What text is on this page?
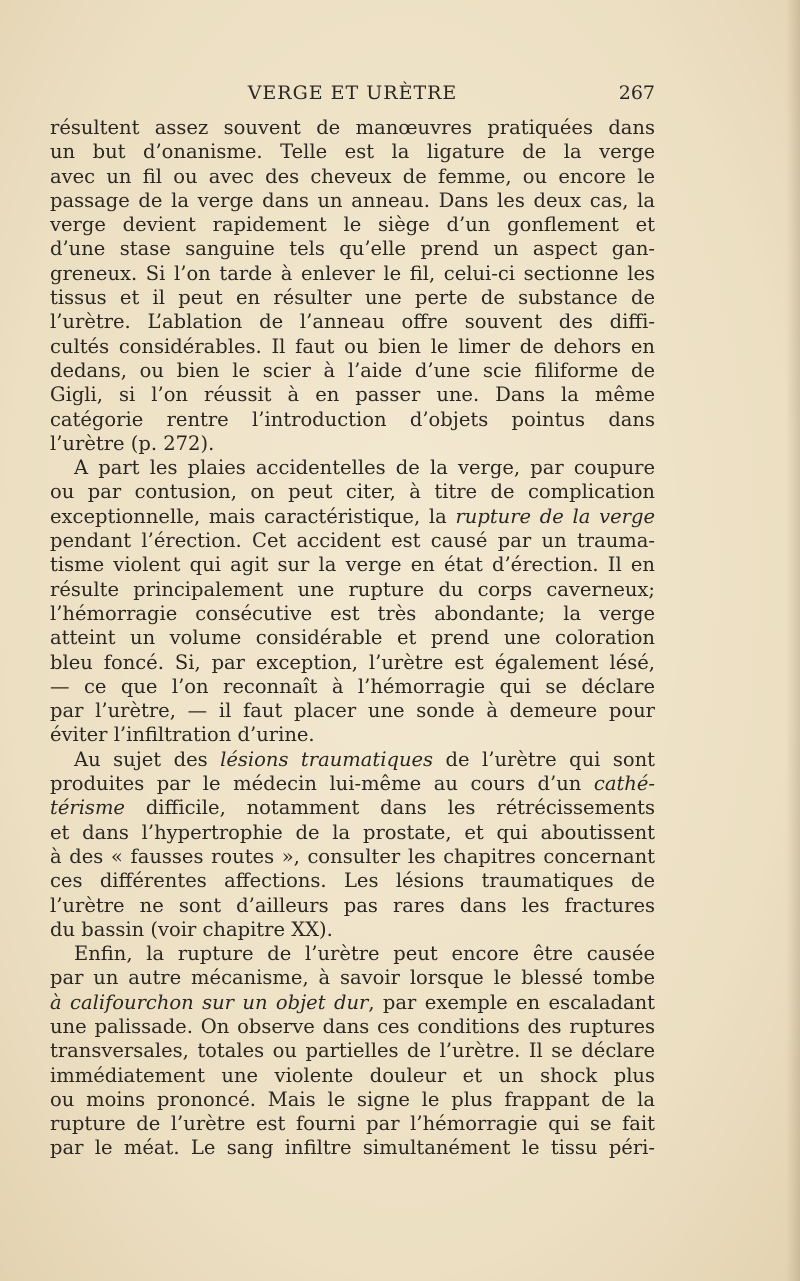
VERGE ET URÈTRE	267
résultent assez souvent de manœuvres pratiquées dans
un but d’onanisme. Telle est la ligature de la verge
avec un fil ou avec des cheveux de femme, ou encore le
passage de la verge dans un anneau. Dans les deux cas, la
verge devient rapidement le siège d’un gonflement et
d’une stase sanguine tels qu’elle prend un aspect gan-
greneux. Si l’on tarde à enlever le fil, celui-ci sectionne les
tissus et il peut en résulter une perte de substance de
l’urètre. L’ablation de l’anneau offre souvent des diffi-
cultés considérables. Il faut ou bien le limer de dehors en
dedans, ou bien le scier à l’aide d’une scie filiforme de
Gigli, si l’on réussit à en passer une. Dans la même
catégorie rentre l’introduction d’objets pointus dans
l’urètre (p. 272).
A part les plaies accidentelles de la verge, par coupure
ou par contusion, on peut citer, à titre de complication
exceptionnelle, mais caractéristique, la rupture de la verge
pendant l’érection. Cet accident est causé par un trauma-
tisme violent qui agit sur la verge en état d’érection. Il en
résulte principalement une rupture du corps caverneux;
l’hémorragie consécutive est très abondante; la verge
atteint un volume considérable et prend une coloration
bleu foncé. Si, par exception, l’urètre est également lésé,
— ce que l’on reconnaît à l’hémorragie qui se déclare
par l’urètre, — il faut placer une sonde à demeure pour
éviter l’infiltration d’urine.
Au sujet des lésions traumatiques de l’urètre qui sont
produites par le médecin lui-même au cours d’un cathé-
térisme difficile, notamment dans les rétrécissements
et dans l’hypertrophie de la prostate, et qui aboutissent
à des « fausses routes », consulter les chapitres concernant
ces différentes affections. Les lésions traumatiques de
l’urètre ne sont d’ailleurs pas rares dans les fractures
du bassin (voir chapitre XX).
Enfin, la rupture de l’urètre peut encore être causée
par un autre mécanisme, à savoir lorsque le blessé tombe
à califourchon sur un objet dur, par exemple en escaladant
une palissade. On observe dans ces conditions des ruptures
transversales, totales ou partielles de l’urètre. Il se déclare
immédiatement une violente douleur et un shock plus
ou moins prononcé. Mais le signe le plus frappant de la
rupture de l’urètre est fourni par l’hémorragie qui se fait
par le méat. Le sang infiltre simultanément le tissu péri-
